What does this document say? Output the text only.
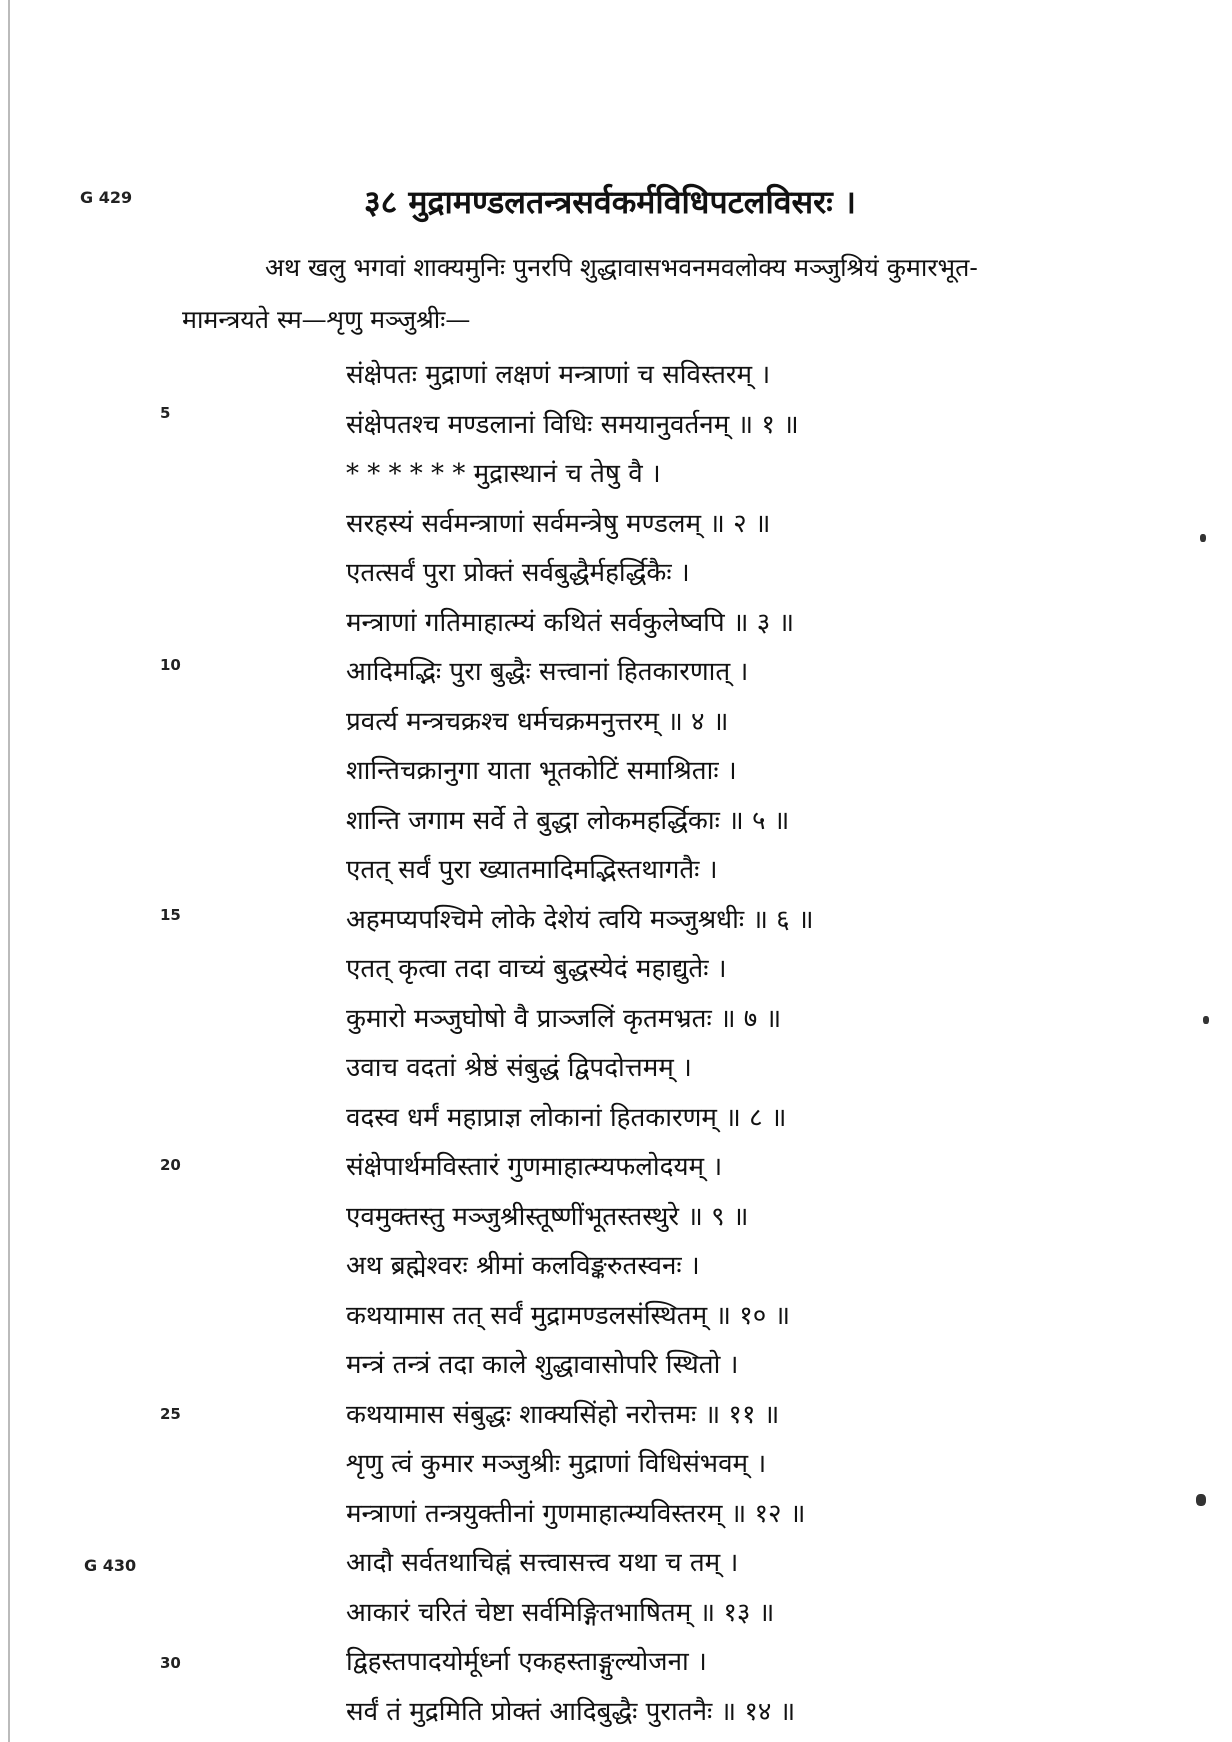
G 429
G 430
३८ मुद्रामण्डलतन्त्रसर्वकर्मविधिपटलविसरः ।
अथ खलु भगवां शाक्यमुनिः पुनरपि शुद्धावासभवनमवलोक्य मञ्जुश्रियं कुमारभूत-
मामन्त्रयते स्म—शृणु मञ्जुश्रीः—
संक्षेपतः मुद्राणां लक्षणं मन्त्राणां च सविस्तरम् ।
संक्षेपतश्च मण्डलानां विधिः समयानुवर्तनम् ॥ १ ॥
* * * * * * मुद्रास्थानं च तेषु वै ।
सरहस्यं सर्वमन्त्राणां सर्वमन्त्रेषु मण्डलम् ॥ २ ॥
एतत्सर्वं पुरा प्रोक्तं सर्वबुद्धैर्महर्द्धिकैः ।
मन्त्राणां गतिमाहात्म्यं कथितं सर्वकुलेष्वपि ॥ ३ ॥
आदिमद्भिः पुरा बुद्धैः सत्त्वानां हितकारणात् ।
प्रवर्त्य मन्त्रचक्रश्च धर्मचक्रमनुत्तरम् ॥ ४ ॥
शान्तिचक्रानुगा याता भूतकोटिं समाश्रिताः ।
शान्ति जगाम सर्वे ते बुद्धा लोकमहर्द्धिकाः ॥ ५ ॥
एतत् सर्वं पुरा ख्यातमादिमद्भिस्तथागतैः ।
अहमप्यपश्चिमे लोके देशेयं त्वयि मञ्जुश्रधीः ॥ ६ ॥
एतत् कृत्वा तदा वाच्यं बुद्धस्येदं महाद्युतेः ।
कुमारो मञ्जुघोषो वै प्राञ्जलिं कृतमभ्रतः ॥ ७ ॥
उवाच वदतां श्रेष्ठं संबुद्धं द्विपदोत्तमम् ।
वदस्व धर्मं महाप्राज्ञ लोकानां हितकारणम् ॥ ८ ॥
संक्षेपार्थमविस्तारं गुणमाहात्म्यफलोदयम् ।
एवमुक्तस्तु मञ्जुश्रीस्तूष्णींभूतस्तस्थुरे ॥ ९ ॥
अथ ब्रह्मेश्वरः श्रीमां कलविङ्करुतस्वनः ।
कथयामास तत् सर्वं मुद्रामण्डलसंस्थितम् ॥ १० ॥
मन्त्रं तन्त्रं तदा काले शुद्धावासोपरि स्थितो ।
कथयामास संबुद्धः शाक्यसिंहो नरोत्तमः ॥ ११ ॥
शृणु त्वं कुमार मञ्जुश्रीः मुद्राणां विधिसंभवम् ।
मन्त्राणां तन्त्रयुक्तीनां गुणमाहात्म्यविस्तरम् ॥ १२ ॥
आदौ सर्वतथाचिह्नं सत्त्वासत्त्व यथा च तम् ।
आकारं चरितं चेष्टा सर्वमिङ्गितभाषितम् ॥ १३ ॥
द्विहस्तपादयोर्मूर्ध्ना एकहस्ताङ्गुल्योजना ।
सर्वं तं मुद्रमिति प्रोक्तं आदिबुद्धैः पुरातनैः ॥ १४ ॥
5
10
15
20
25
30
